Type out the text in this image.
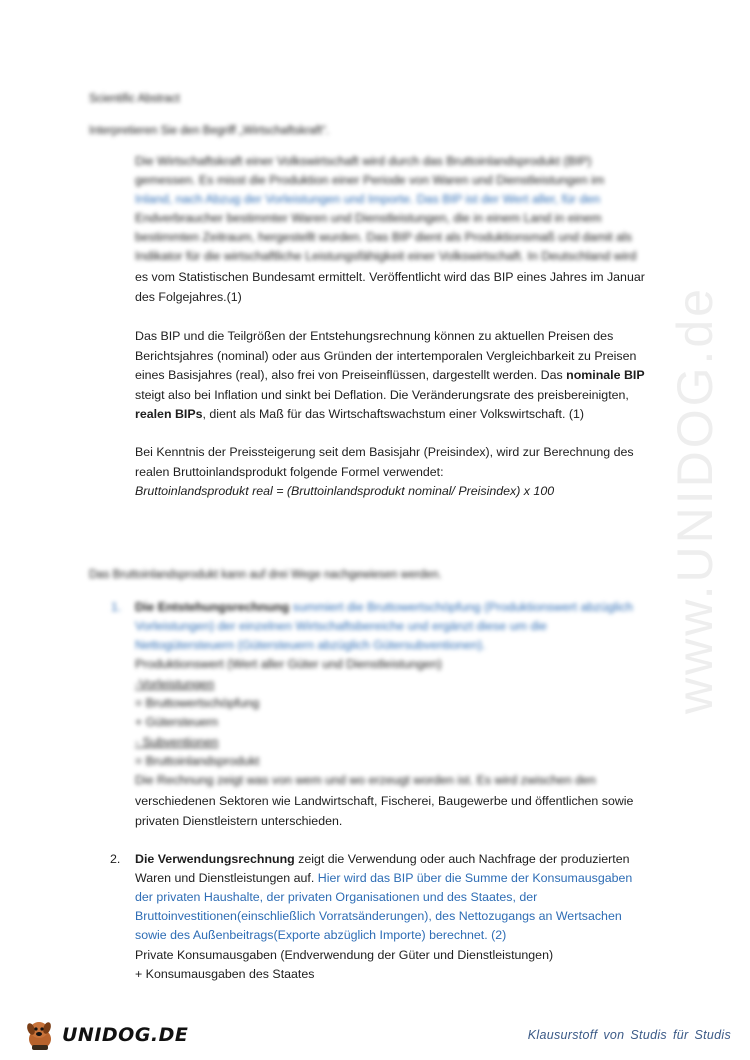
www.UNIDOG.de
Scientific Abstract
Interpretieren Sie den Begriff „Wirtschaftskraft“.
Die Wirtschaftskraft einer Volkswirtschaft wird durch das Bruttoinlandsprodukt (BIP)
gemessen. Es misst die Produktion einer Periode von Waren und Dienstleistungen im
Inland, nach Abzug der Vorleistungen und Importe. Das BIP ist der Wert aller, für den
Endverbraucher bestimmter Waren und Dienstleistungen, die in einem Land in einem
bestimmten Zeitraum, hergestellt wurden. Das BIP dient als Produktionsmaß und damit als
Indikator für die wirtschaftliche Leistungsfähigkeit einer Volkswirtschaft. In Deutschland wird
es vom Statistischen Bundesamt ermittelt. Veröffentlicht wird das BIP eines Jahres im Januar
des Folgejahres.(1)
Das BIP und die Teilgrößen der Entstehungsrechnung können zu aktuellen Preisen des
Berichtsjahres (nominal) oder aus Gründen der intertemporalen Vergleichbarkeit zu Preisen
eines Basisjahres (real), also frei von Preiseinflüssen, dargestellt werden. Das nominale BIP
steigt also bei Inflation und sinkt bei Deflation. Die Veränderungsrate des preisbereinigten,
realen BIPs, dient als Maß für das Wirtschaftswachstum einer Volkswirtschaft. (1)
Bei Kenntnis der Preissteigerung seit dem Basisjahr (Preisindex), wird zur Berechnung des
realen Bruttoinlandsprodukt folgende Formel verwendet:
Bruttoinlandsprodukt real = (Bruttoinlandsprodukt nominal/ Preisindex) x 100
Das Bruttoinlandsprodukt kann auf drei Wege nachgewiesen werden.
1. Die Entstehungsrechnung summiert die Bruttowertschöpfung (Produktionswert abzüglich
Vorleistungen) der einzelnen Wirtschaftsbereiche und ergänzt diese um die
Nettogütersteuern (Gütersteuern abzüglich Gütersubventionen).
Produktionswert (Wert aller Güter und Dienstleistungen)
-Vorleistungen
= Bruttowertschöpfung
+ Gütersteuern
- Subventionen
= Bruttoinlandsprodukt
Die Rechnung zeigt was von wem und wo erzeugt worden ist. Es wird zwischen den
verschiedenen Sektoren wie Landwirtschaft, Fischerei, Baugewerbe und öffentlichen sowie
privaten Dienstleistern unterschieden.
2. Die Verwendungsrechnung zeigt die Verwendung oder auch Nachfrage der produzierten
Waren und Dienstleistungen auf. Hier wird das BIP über die Summe der Konsumausgaben
der privaten Haushalte, der privaten Organisationen und des Staates, der
Bruttoinvestitionen(einschließlich Vorratsänderungen), des Nettozugangs an Wertsachen
sowie des Außenbeitrags(Exporte abzüglich Importe) berechnet. (2)
Private Konsumausgaben (Endverwendung der Güter und Dienstleistungen)
+ Konsumausgaben des Staates
UNIDOG.DE	Klausurstoff von Studis für Studis
